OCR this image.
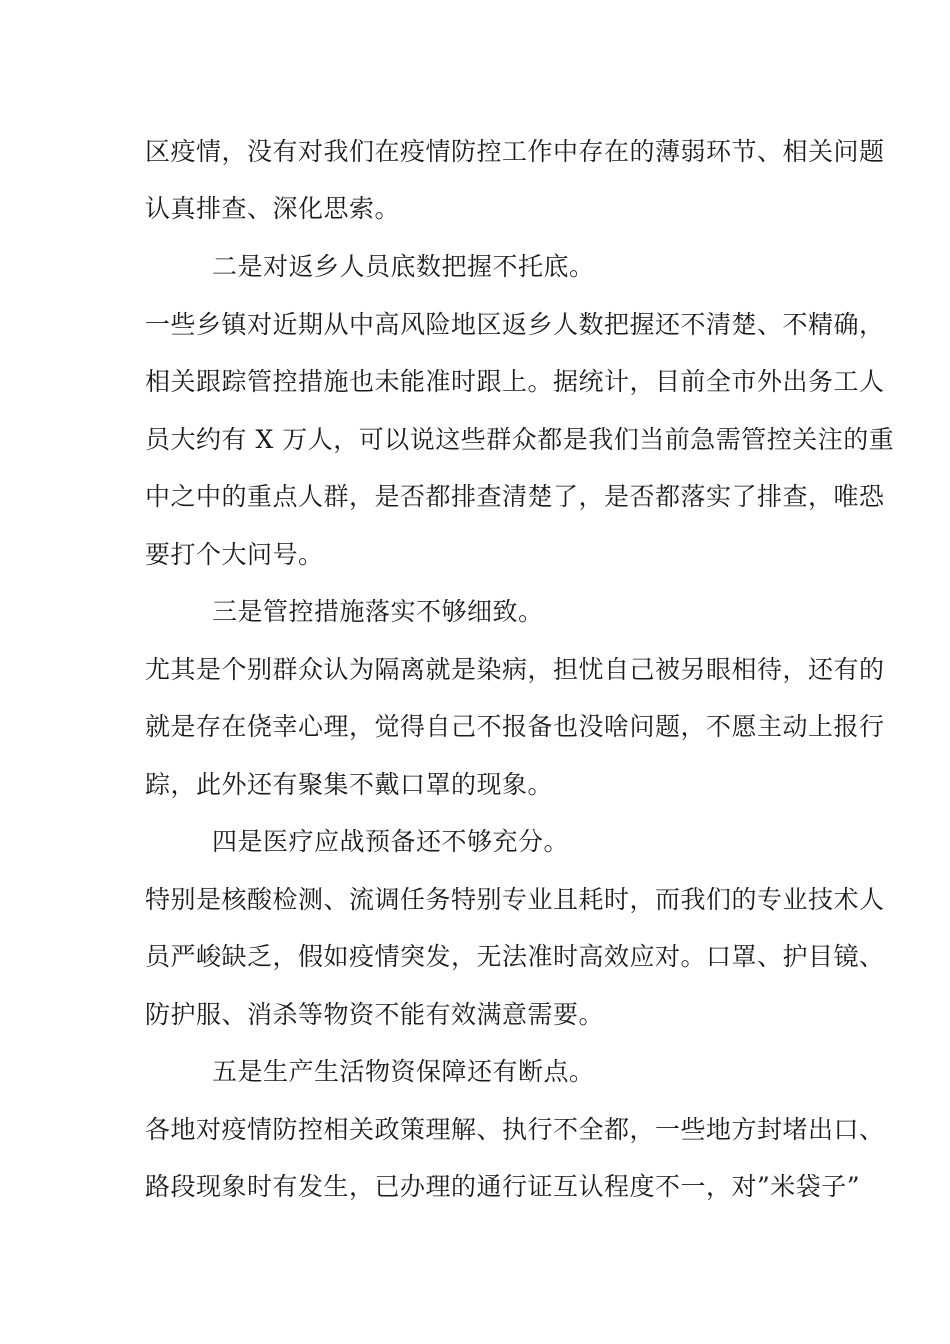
区疫情，没有对我们在疫情防控工作中存在的薄弱环节、相关问题
认真排查、深化思索。
二是对返乡人员底数把握不托底。
一些乡镇对近期从中高风险地区返乡人数把握还不清楚、不精确，
相关跟踪管控措施也未能准时跟上。据统计，目前全市外出务工人
员大约有 X 万人，可以说这些群众都是我们当前急需管控关注的重
中之中的重点人群，是否都排查清楚了，是否都落实了排查，唯恐
要打个大问号。
三是管控措施落实不够细致。
尤其是个别群众认为隔离就是染病，担忧自己被另眼相待，还有的
就是存在侥幸心理，觉得自己不报备也没啥问题，不愿主动上报行
踪，此外还有聚集不戴口罩的现象。
四是医疗应战预备还不够充分。
特别是核酸检测、流调任务特别专业且耗时，而我们的专业技术人
员严峻缺乏，假如疫情突发，无法准时高效应对。口罩、护目镜、
防护服、消杀等物资不能有效满意需要。
五是生产生活物资保障还有断点。
各地对疫情防控相关政策理解、执行不全都，一些地方封堵出口、
路段现象时有发生，已办理的通行证互认程度不一，对”米袋子”
